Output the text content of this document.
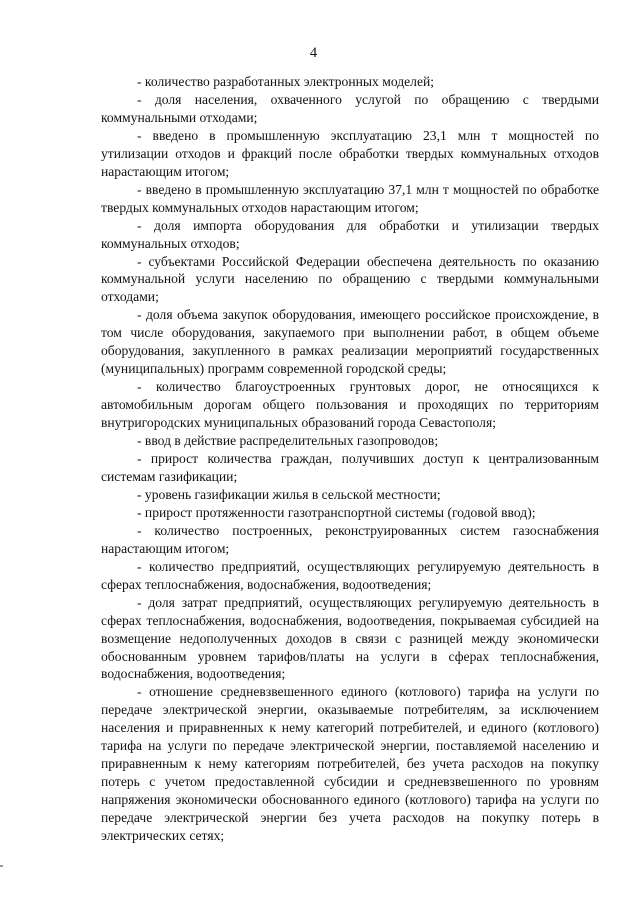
4

- количество разработанных электронных моделей;

- доля населения, охваченного услугой по обращению с твердыми коммунальными отходами;

- введено в промышленную эксплуатацию 23,1 млн т мощностей по утилизации отходов и фракций после обработки твердых коммунальных отходов нарастающим итогом;

- введено в промышленную эксплуатацию 37,1 млн т мощностей по обработке твердых коммунальных отходов нарастающим итогом;

- доля импорта оборудования для обработки и утилизации твердых коммунальных отходов;

- субъектами Российской Федерации обеспечена деятельность по оказанию коммунальной услуги населению по обращению с твердыми коммунальными отходами;

- доля объема закупок оборудования, имеющего российское происхождение, в том числе оборудования, закупаемого при выполнении работ, в общем объеме оборудования, закупленного в рамках реализации мероприятий государственных (муниципальных) программ современной городской среды;

- количество благоустроенных грунтовых дорог, не относящихся к автомобильным дорогам общего пользования и проходящих по территориям внутригородских муниципальных образований города Севастополя;

- ввод в действие распределительных газопроводов;

- прирост количества граждан, получивших доступ к централизованным системам газификации;

- уровень газификации жилья в сельской местности;

- прирост протяженности газотранспортной системы (годовой ввод);

- количество построенных, реконструированных систем газоснабжения нарастающим итогом;

- количество предприятий, осуществляющих регулируемую деятельность в сферах теплоснабжения, водоснабжения, водоотведения;

- доля затрат предприятий, осуществляющих регулируемую деятельность в сферах теплоснабжения, водоснабжения, водоотведения, покрываемая субсидией на возмещение недополученных доходов в связи с разницей между экономически обоснованным уровнем тарифов/платы на услуги в сферах теплоснабжения, водоснабжения, водоотведения;

- отношение средневзвешенного единого (котлового) тарифа на услуги по передаче электрической энергии, оказываемые потребителям, за исключением населения и приравненных к нему категорий потребителей, и единого (котлового) тарифа на услуги по передаче электрической энергии, поставляемой населению и приравненным к нему категориям потребителей, без учета расходов на покупку потерь с учетом предоставленной субсидии и средневзвешенного по уровням напряжения экономически обоснованного единого (котлового) тарифа на услуги по передаче электрической энергии без учета расходов на покупку потерь в электрических сетях;
